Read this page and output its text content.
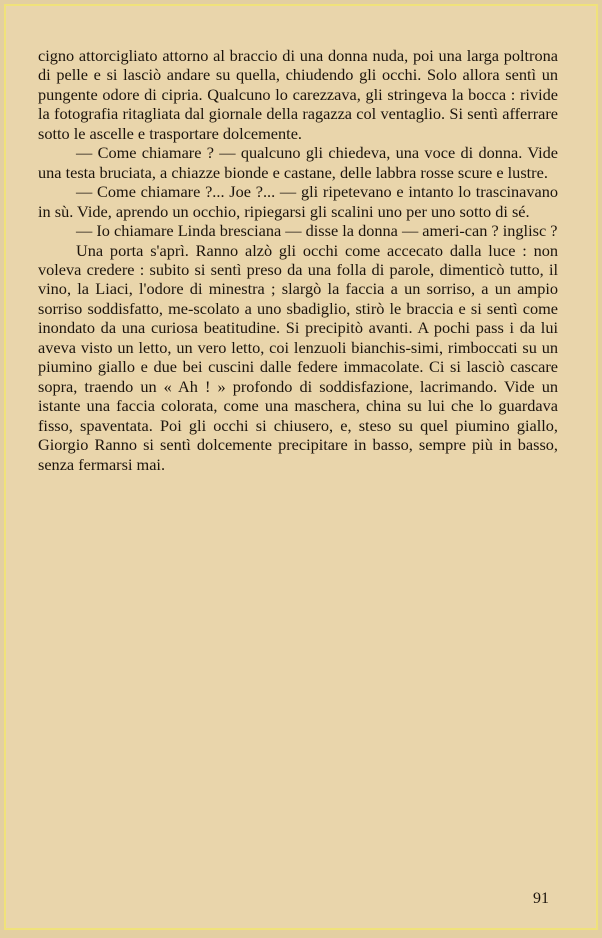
cigno attorcigliato attorno al braccio di una donna nuda, poi una larga poltrona di pelle e si lasciò andare su quella, chiudendo gli occhi. Solo allora sentì un pungente odore di cipria. Qualcuno lo carezzava, gli stringeva la bocca : rivide la fotografia ritagliata dal giornale della ragazza col ventaglio. Si sentì afferrare sotto le ascelle e trasportare dolcemente.

— Come chiamare ? — qualcuno gli chiedeva, una voce di donna. Vide una testa bruciata, a chiazze bionde e castane, delle labbra rosse scure e lustre.

— Come chiamare ?... Joe ?... — gli ripetevano e intanto lo trascinavano in sù. Vide, aprendo un occhio, ripiegarsi gli scalini uno per uno sotto di sé.

— Io chiamare Linda bresciana — disse la donna — ameri-can ? inglisc ?

Una porta s'aprì. Ranno alzò gli occhi come accecato dalla luce : non voleva credere : subito si sentì preso da una folla di parole, dimenticò tutto, il vino, la Liaci, l'odore di minestra ; slargò la faccia a un sorriso, a un ampio sorriso soddisfatto, me-scolato a uno sbadiglio, stirò le braccia e si sentì come inondato da una curiosa beatitudine. Si precipitò avanti. A pochi pass i da lui aveva visto un letto, un vero letto, coi lenzuoli bianchis-simi, rimboccati su un piumino giallo e due bei cuscini dalle federe immacolate. Ci si lasciò cascare sopra, traendo un « Ah ! » profondo di soddisfazione, lacrimando. Vide un istante una faccia colorata, come una maschera, china su lui che lo guardava fisso, spaventata. Poi gli occhi si chiusero, e, steso su quel piumino giallo, Giorgio Ranno si sentì dolcemente precipitare in basso, sempre più in basso, senza fermarsi mai.

91
